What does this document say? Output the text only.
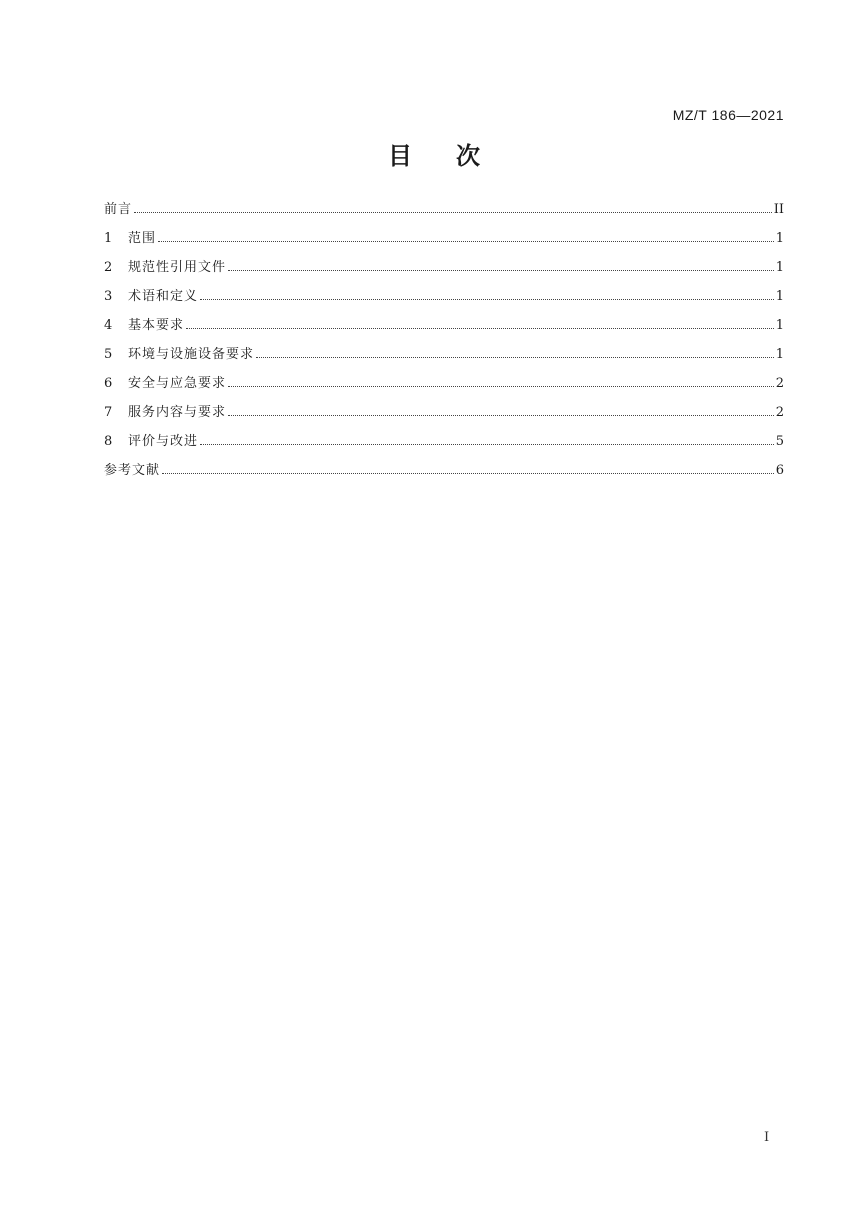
MZ/T 186—2021
目次
前言	II
1	范围	1
2	规范性引用文件	1
3	术语和定义	1
4	基本要求	1
5	环境与设施设备要求	1
6	安全与应急要求	2
7	服务内容与要求	2
8	评价与改进	5
参考文献	6
I
